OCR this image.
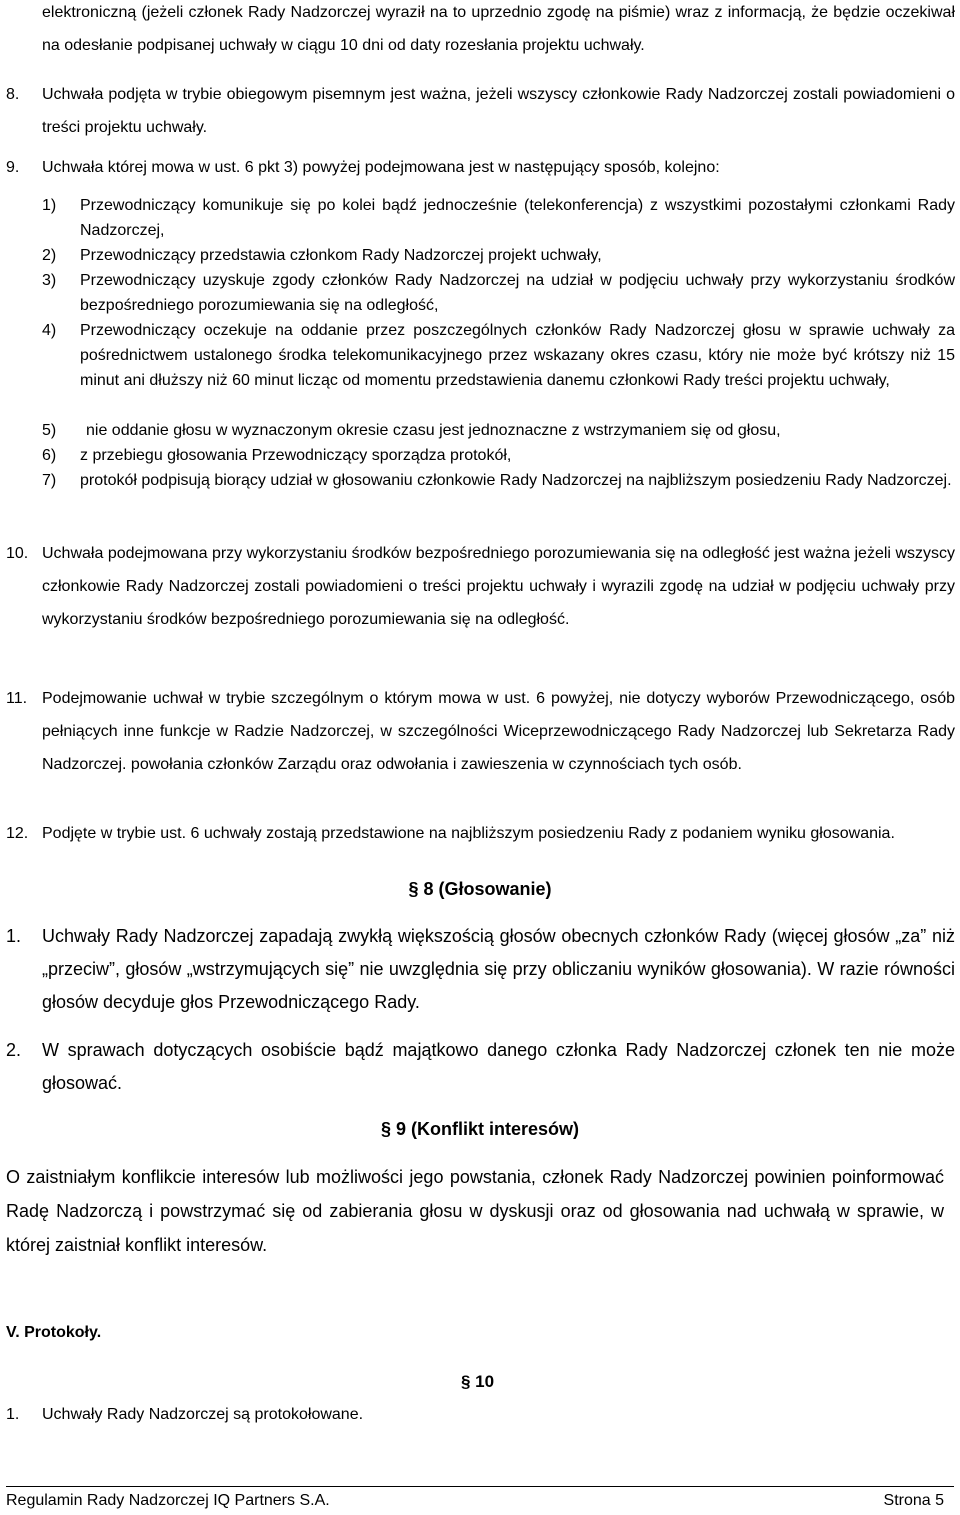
elektroniczną (jeżeli członek Rady Nadzorczej wyraził na to uprzednio zgodę na piśmie) wraz z informacją, że będzie oczekiwał na odesłanie podpisanej uchwały w ciągu 10 dni od daty rozesłania projektu uchwały.
8. Uchwała podjęta w trybie obiegowym pisemnym jest ważna, jeżeli wszyscy członkowie Rady Nadzorczej zostali powiadomieni o treści projektu uchwały.
9. Uchwała której mowa w ust. 6 pkt 3) powyżej podejmowana jest w następujący sposób, kolejno:
1) Przewodniczący komunikuje się po kolei bądź jednocześnie (telekonferencja) z wszystkimi pozostałymi członkami Rady Nadzorczej,
2) Przewodniczący przedstawia członkom Rady Nadzorczej projekt uchwały,
3) Przewodniczący uzyskuje zgody członków Rady Nadzorczej na udział w podjęciu uchwały przy wykorzystaniu środków bezpośredniego porozumiewania się na odległość,
4) Przewodniczący oczekuje na oddanie przez poszczególnych członków Rady Nadzorczej głosu w sprawie uchwały za pośrednictwem ustalonego środka telekomunikacyjnego przez wskazany okres czasu, który nie może być krótszy niż 15 minut ani dłuższy niż 60 minut licząc od momentu przedstawienia danemu członkowi Rady treści projektu uchwały,
5) nie oddanie głosu w wyznaczonym okresie czasu jest jednoznaczne z wstrzymaniem się od głosu,
6) z przebiegu głosowania Przewodniczący sporządza protokół,
7) protokół podpisują biorący udział w głosowaniu członkowie Rady Nadzorczej na najbliższym posiedzeniu Rady Nadzorczej.
10. Uchwała podejmowana przy wykorzystaniu środków bezpośredniego porozumiewania się na odległość jest ważna jeżeli wszyscy członkowie Rady Nadzorczej zostali powiadomieni o treści projektu uchwały i wyrazili zgodę na udział w podjęciu uchwały przy wykorzystaniu środków bezpośredniego porozumiewania się na odległość.
11. Podejmowanie uchwał w trybie szczególnym o którym mowa w ust. 6 powyżej, nie dotyczy wyborów Przewodniczącego, osób pełniących inne funkcje w Radzie Nadzorczej, w szczególności Wiceprzewodniczącego Rady Nadzorczej lub Sekretarza Rady Nadzorczej. powołania członków Zarządu oraz odwołania i zawieszenia w czynnościach tych osób.
12. Podjęte w trybie ust. 6 uchwały zostają przedstawione na najbliższym posiedzeniu Rady z podaniem wyniku głosowania.
§ 8 (Głosowanie)
1. Uchwały Rady Nadzorczej zapadają zwykłą większością głosów obecnych członków Rady (więcej głosów „za” niż „przeciw”, głosów „wstrzymujących się” nie uwzględnia się przy obliczaniu wyników głosowania). W razie równości głosów decyduje głos Przewodniczącego Rady.
2. W sprawach dotyczących osobiście bądź majątkowo danego członka Rady Nadzorczej członek ten nie może głosować.
§ 9 (Konflikt interesów)
O zaistniałym konflikcie interesów lub możliwości jego powstania, członek Rady Nadzorczej powinien poinformować Radę Nadzorczą i powstrzymać się od zabierania głosu w dyskusji oraz od głosowania nad uchwałą w sprawie, w której zaistniał konflikt interesów.
V. Protokoły.
§ 10
1. Uchwały Rady Nadzorczej są protokołowane.
Regulamin Rady Nadzorczej IQ Partners S.A.	Strona 5
